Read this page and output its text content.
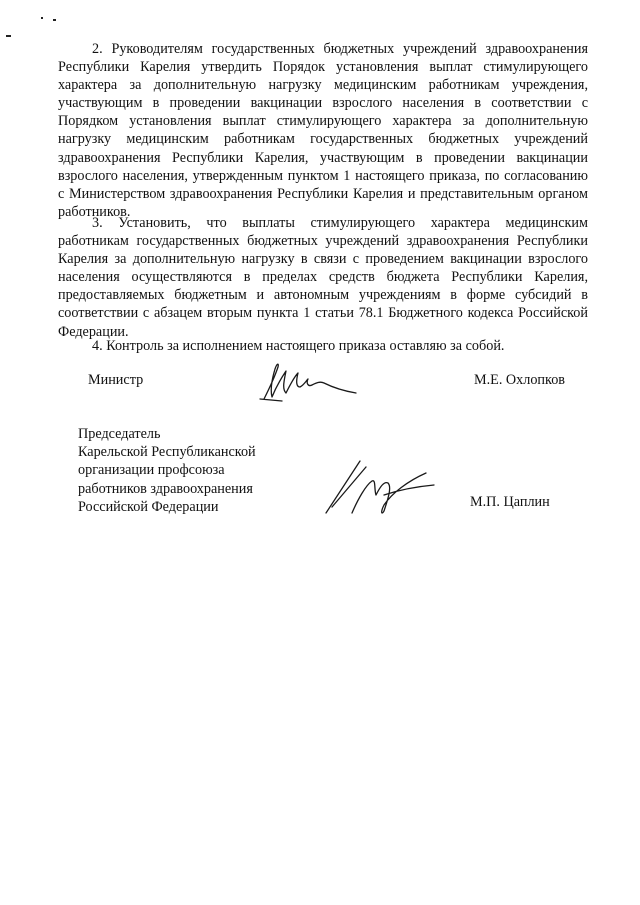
2. Руководителям государственных бюджетных учреждений здравоохранения Республики Карелия утвердить Порядок установления выплат стимулирующего характера за дополнительную нагрузку медицинским работникам учреждения, участвующим в проведении вакцинации взрослого населения в соответствии с Порядком установления выплат стимулирующего характера за дополнительную нагрузку медицинским работникам государственных бюджетных учреждений здравоохранения Республики Карелия, участвующим в проведении вакцинации взрослого населения, утвержденным пунктом 1 настоящего приказа, по согласованию с Министерством здравоохранения Республики Карелия и представительным органом работников.

3. Установить, что выплаты стимулирующего характера медицинским работникам государственных бюджетных учреждений здравоохранения Республики Карелия за дополнительную нагрузку в связи с проведением вакцинации взрослого населения осуществляются в пределах средств бюджета Республики Карелия, предоставляемых бюджетным и автономным учреждениям в форме субсидий в соответствии с абзацем вторым пункта 1 статьи 78.1 Бюджетного кодекса Российской Федерации.

4. Контроль за исполнением настоящего приказа оставляю за собой.

Министр	М.Е. Охлопков
Председатель
Карельской Республиканской
организации профсоюза
работников здравоохранения
Российской Федерации	М.П. Цаплин
